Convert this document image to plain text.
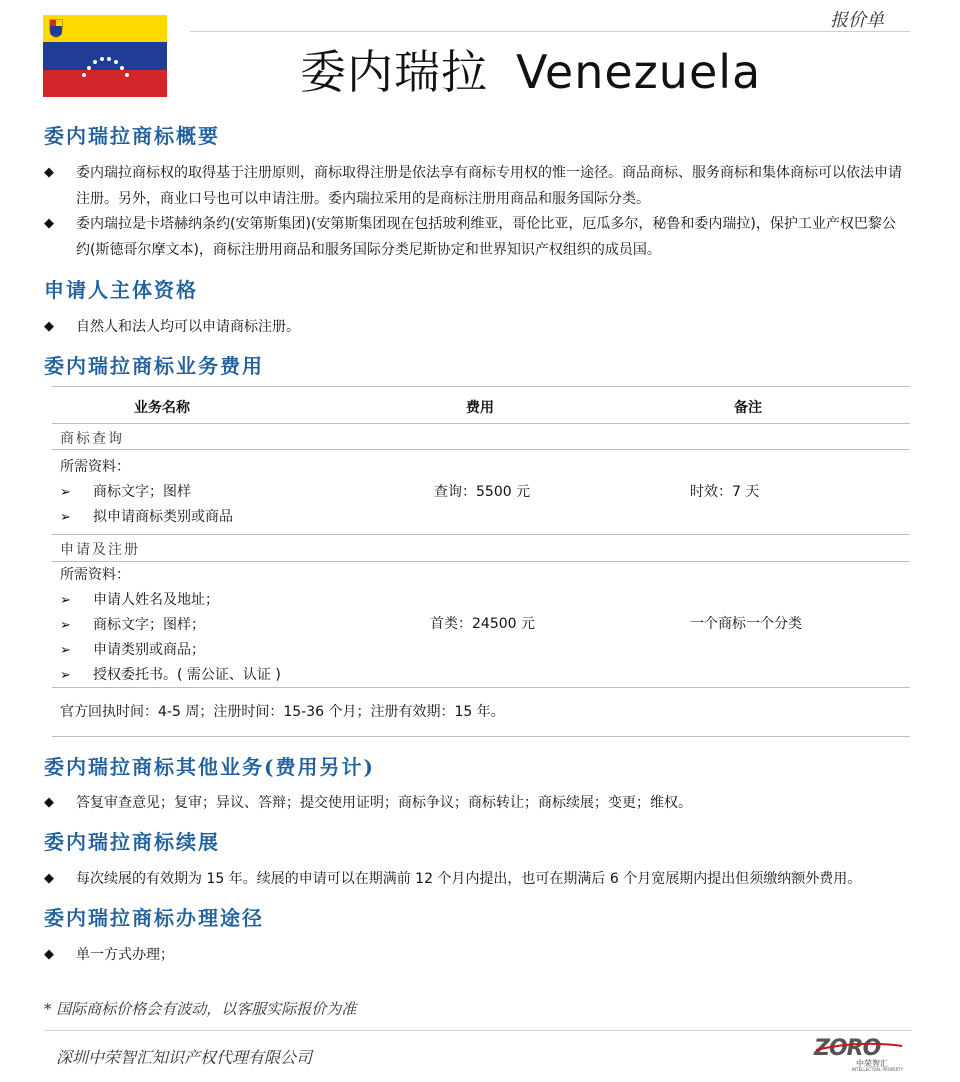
报价单
委内瑞拉 Venezuela
委内瑞拉商标概要
◆ 委内瑞拉商标权的取得基于注册原则，商标取得注册是依法享有商标专用权的惟一途径。商品商标、服务商标和集体商标可以依法申请注册。另外，商业口号也可以申请注册。委内瑞拉采用的是商标注册用商品和服务国际分类。
◆ 委内瑞拉是卡塔赫纳条约(安第斯集团)(安第斯集团现在包括玻利维亚，哥伦比亚，厄瓜多尔，秘鲁和委内瑞拉)，保护工业产权巴黎公约(斯德哥尔摩文本)，商标注册用商品和服务国际分类尼斯协定和世界知识产权组织的成员国。
申请人主体资格
◆ 自然人和法人均可以申请商标注册。
委内瑞拉商标业务费用
业务名称	费用	备注
商标查询
所需资料：
➢ 商标文字；图样
➢ 拟申请商标类别或商品
查询：5500 元	时效：7 天
申请及注册
所需资料：
➢ 申请人姓名及地址；
➢ 商标文字；图样；
➢ 申请类别或商品；
➢ 授权委托书。( 需公证、认证 )
首类：24500 元	一个商标一个分类
官方回执时间：4-5 周；注册时间：15-36 个月；注册有效期：15 年。
委内瑞拉商标其他业务(费用另计)
◆ 答复审查意见；复审；异议、答辩；提交使用证明；商标争议；商标转让；商标续展；变更；维权。
委内瑞拉商标续展
◆ 每次续展的有效期为 15 年。续展的申请可以在期满前 12 个月内提出，也可在期满后 6 个月宽展期内提出但须缴纳额外费用。
委内瑞拉商标办理途径
◆ 单一方式办理；
* 国际商标价格会有波动，以客服实际报价为准
深圳中荣智汇知识产权代理有限公司	ZORO
中荣智汇
INTELLECTUAL PROPERTY
